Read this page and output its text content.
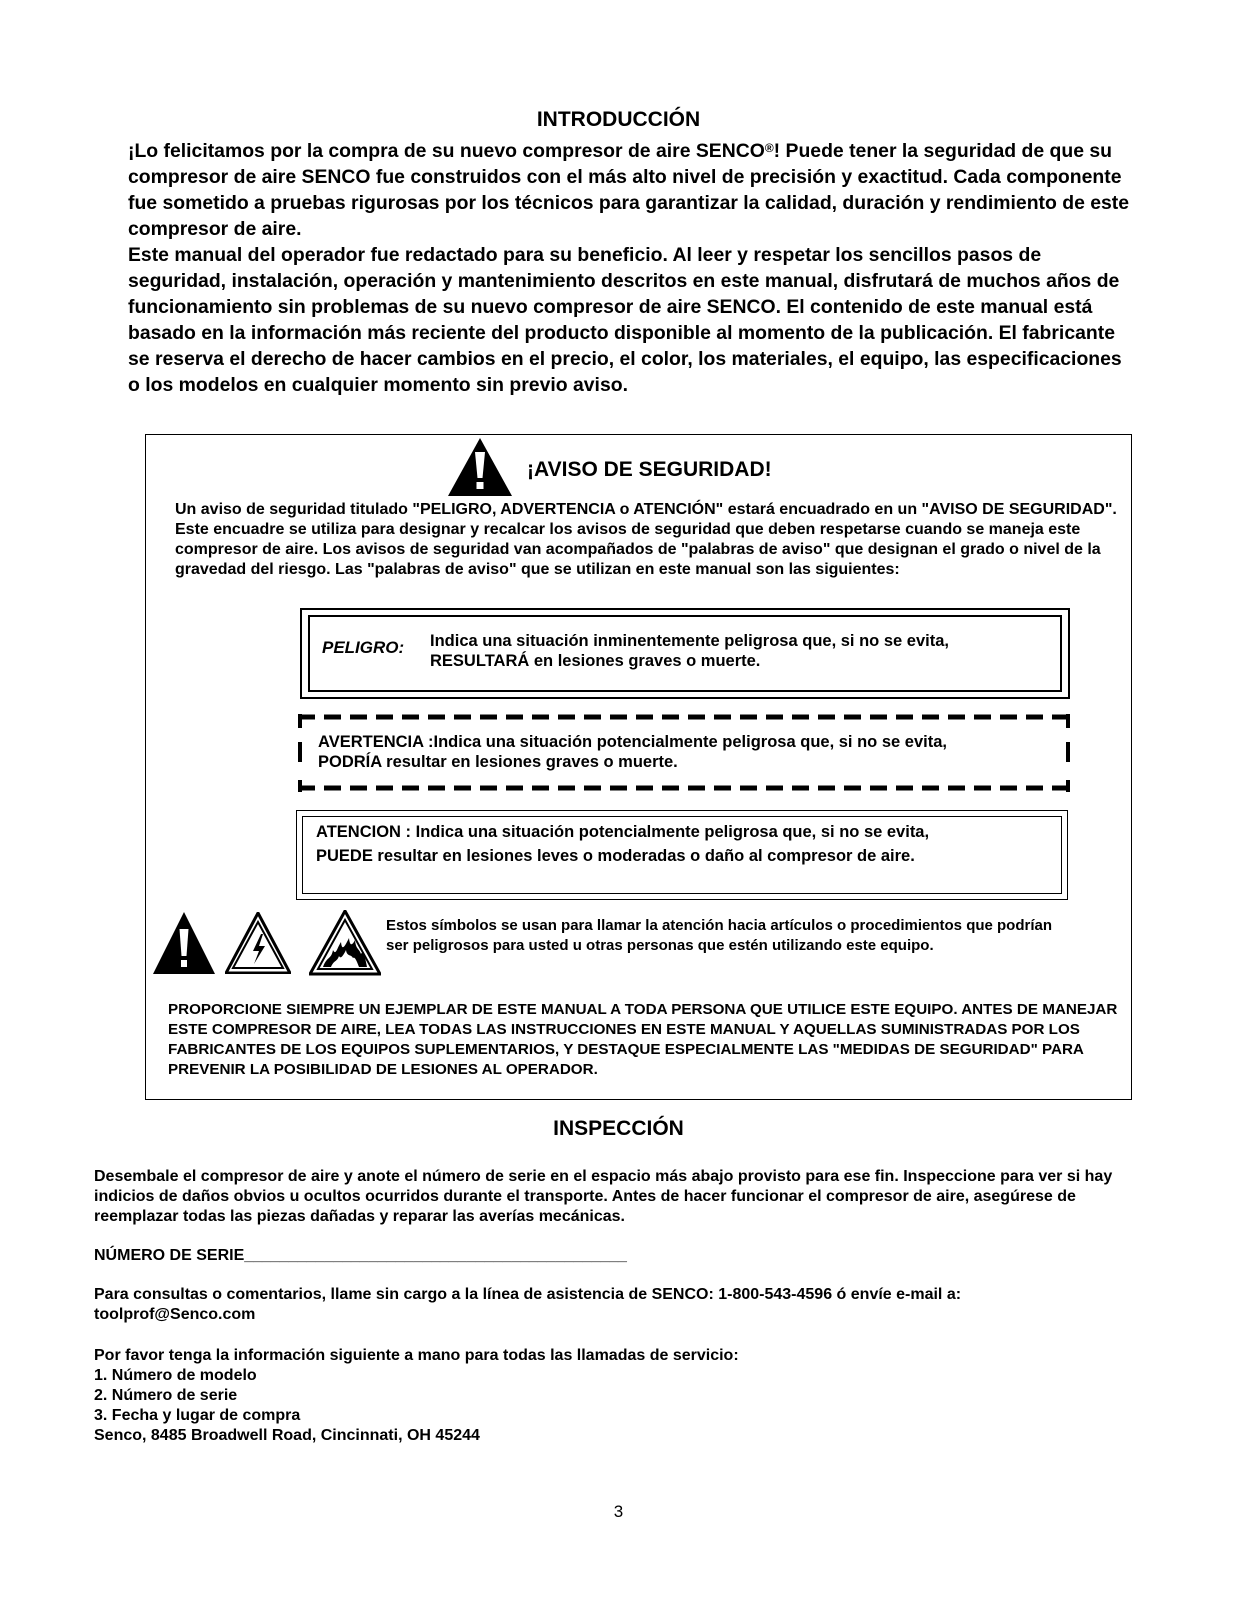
INTRODUCCIÓN

¡Lo felicitamos por la compra de su nuevo compresor de aire SENCO®! Puede tener la seguridad de que su compresor de aire SENCO fue construidos con el más alto nivel de precisión y exactitud. Cada componente fue sometido a pruebas rigurosas por los técnicos para garantizar la calidad, duración y rendimiento de este compresor de aire.

Este manual del operador fue redactado para su beneficio. Al leer y respetar los sencillos pasos de seguridad, instalación, operación y mantenimiento descritos en este manual, disfrutará de muchos años de funcionamiento sin problemas de su nuevo compresor de aire SENCO. El contenido de este manual está basado en la información más reciente del producto disponible al momento de la publicación. El fabricante se reserva el derecho de hacer cambios en el precio, el color, los materiales, el equipo, las especificaciones o los modelos en cualquier momento sin previo aviso.

¡AVISO DE SEGURIDAD!

Un aviso de seguridad titulado "PELIGRO, ADVERTENCIA o ATENCIÓN" estará encuadrado en un "AVISO DE SEGURIDAD". Este encuadre se utiliza para designar y recalcar los avisos de seguridad que deben respetarse cuando se maneja este compresor de aire. Los avisos de seguridad van acompañados de "palabras de aviso" que designan el grado o nivel de la gravedad del riesgo. Las "palabras de aviso" que se utilizan en este manual son las siguientes:

PELIGRO: Indica una situación inminentemente peligrosa que, si no se evita,

RESULTARÁ en lesiones graves o muerte.

AVERTENCIA :Indica una situación potencialmente peligrosa que, si no se evita,

PODRÍA resultar en lesiones graves o muerte.

ATENCION : Indica una situación potencialmente peligrosa que, si no se evita,

PUEDE resultar en lesiones leves o moderadas o daño al compresor de aire.

Estos símbolos se usan para llamar la atención hacia artículos o procedimientos que podrían ser peligrosos para usted u otras personas que estén utilizando este equipo.

PROPORCIONE SIEMPRE UN EJEMPLAR DE ESTE MANUAL A TODA PERSONA QUE UTILICE ESTE EQUIPO. ANTES DE MANEJAR ESTE COMPRESOR DE AIRE, LEA TODAS LAS INSTRUCCIONES EN ESTE MANUAL Y AQUELLAS SUMINISTRADAS POR LOS FABRICANTES DE LOS EQUIPOS SUPLEMENTARIOS, Y DESTAQUE ESPECIALMENTE LAS "MEDIDAS DE SEGURIDAD" PARA PREVENIR LA POSIBILIDAD DE LESIONES AL OPERADOR.

INSPECCIÓN

Desembale el compresor de aire y anote el número de serie en el espacio más abajo provisto para ese fin. Inspeccione para ver si hay indicios de daños obvios u ocultos ocurridos durante el transporte. Antes de hacer funcionar el compresor de aire, asegúrese de reemplazar todas las piezas dañadas y reparar las averías mecánicas.

NÚMERO DE SERIE___________________________________________

Para consultas o comentarios, llame sin cargo a la línea de asistencia de SENCO: 1-800-543-4596 ó envíe e-mail a:

toolprof@Senco.com

Por favor tenga la información siguiente a mano para todas las llamadas de servicio:

1. Número de modelo

2. Número de serie

3. Fecha y lugar de compra

Senco, 8485 Broadwell Road, Cincinnati, OH 45244

3
